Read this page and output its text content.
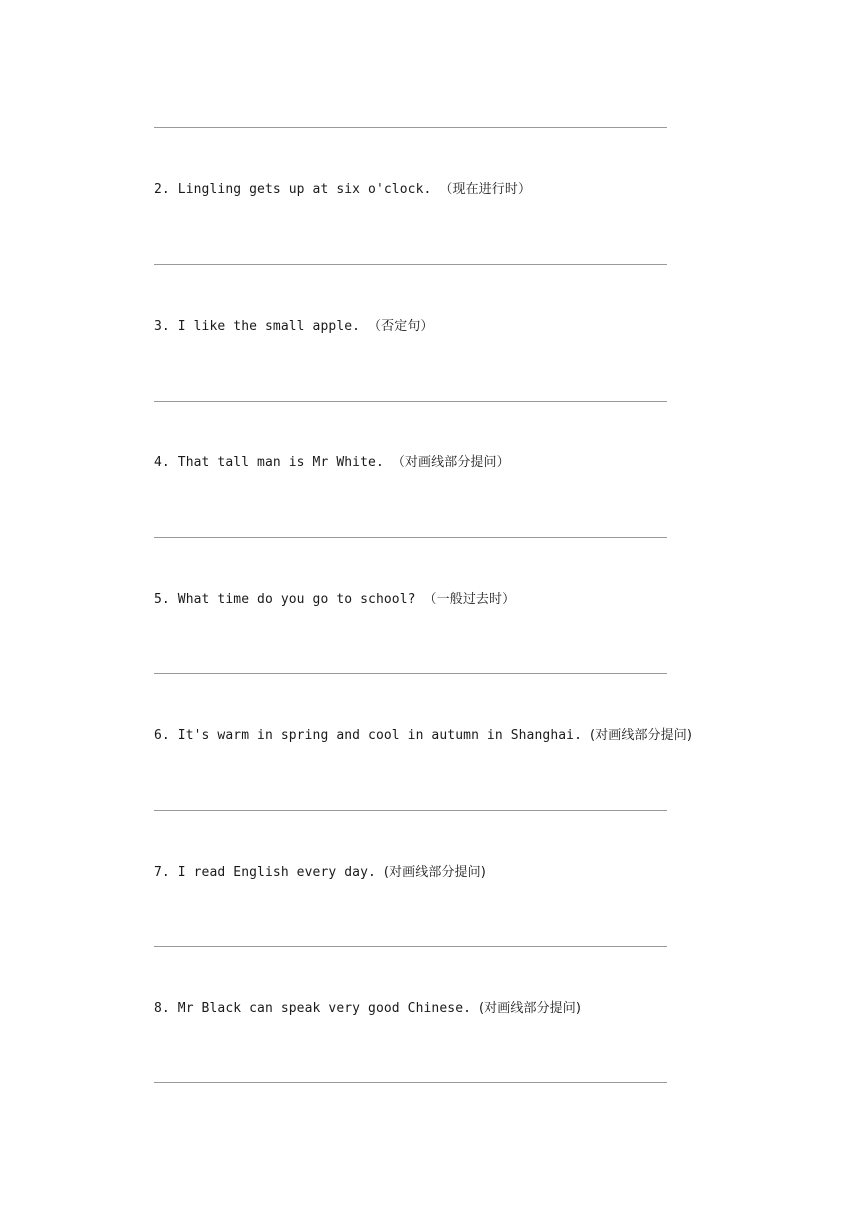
2. Lingling gets up at six o'clock. （现在进行时）
3. I like the small apple. （否定句）
4. That tall man is Mr White. （对画线部分提问）
5. What time do you go to school? （一般过去时）
6. It's warm in spring and cool in autumn in Shanghai. (对画线部分提问)
7. I read English every day. (对画线部分提问)
8. Mr Black can speak very good Chinese. (对画线部分提问)
